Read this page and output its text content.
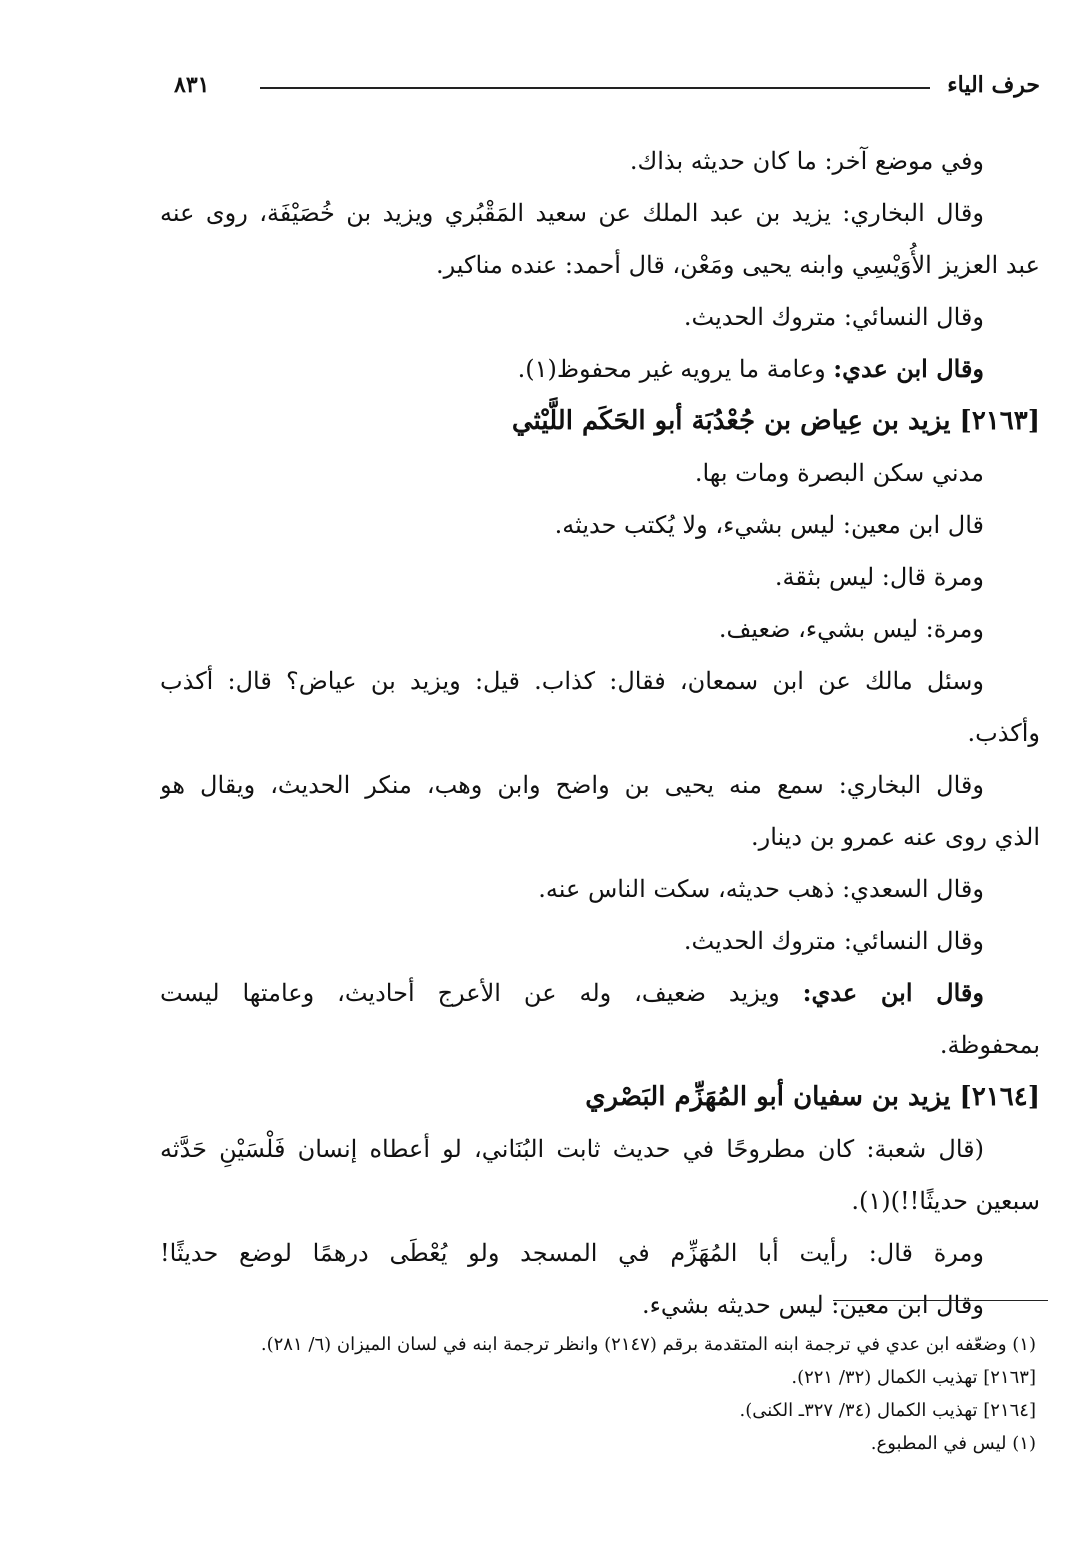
حرف الياء
٨٣١
وفي موضع آخر: ما كان حديثه بذاك.
وقال البخاري: يزيد بن عبد الملك عن سعيد المَقْبُري ويزيد بن خُصَيْفَة، روى عنه
عبد العزيز الأُوَيْسِي وابنه يحيى ومَعْن، قال أحمد: عنده مناكير.
وقال النسائي: متروك الحديث.
وقال ابن عدي: وعامة ما يرويه غير محفوظ(١).
[٢١٦٣] يزيد بن عِياض بن جُعْدُبَة أبو الحَكَم اللَّيْثي
مدني سكن البصرة ومات بها.
قال ابن معين: ليس بشيء، ولا يُكتب حديثه.
ومرة قال: ليس بثقة.
ومرة: ليس بشيء، ضعيف.
وسئل مالك عن ابن سمعان، فقال: كذاب. قيل: ويزيد بن عياض؟ قال: أكذب
وأكذب.
وقال البخاري: سمع منه يحيى بن واضح وابن وهب، منكر الحديث، ويقال هو
الذي روى عنه عمرو بن دينار.
وقال السعدي: ذهب حديثه، سكت الناس عنه.
وقال النسائي: متروك الحديث.
وقال ابن عدي: ويزيد ضعيف، وله عن الأعرج أحاديث، وعامتها ليست
بمحفوظة.
[٢١٦٤] يزيد بن سفيان أبو المُهَزِّم البَصْري
(قال شعبة: كان مطروحًا في حديث ثابت البُنَاني، لو أعطاه إنسان فَلْسَيْنِ حَدَّثه
سبعين حديثًا!!)(١).
ومرة قال: رأيت أبا المُهَزِّم في المسجد ولو يُعْطَى درهمًا لوضع حديثًا!
وقال ابن معين: ليس حديثه بشيء.
(١) وضعّفه ابن عدي في ترجمة ابنه المتقدمة برقم (٢١٤٧) وانظر ترجمة ابنه في لسان الميزان (٦/ ٢٨١).
[٢١٦٣] تهذيب الكمال (٣٢/ ٢٢١).
[٢١٦٤] تهذيب الكمال (٣٤/ ٣٢٧ـ الكنى).
(١) ليس في المطبوع.
